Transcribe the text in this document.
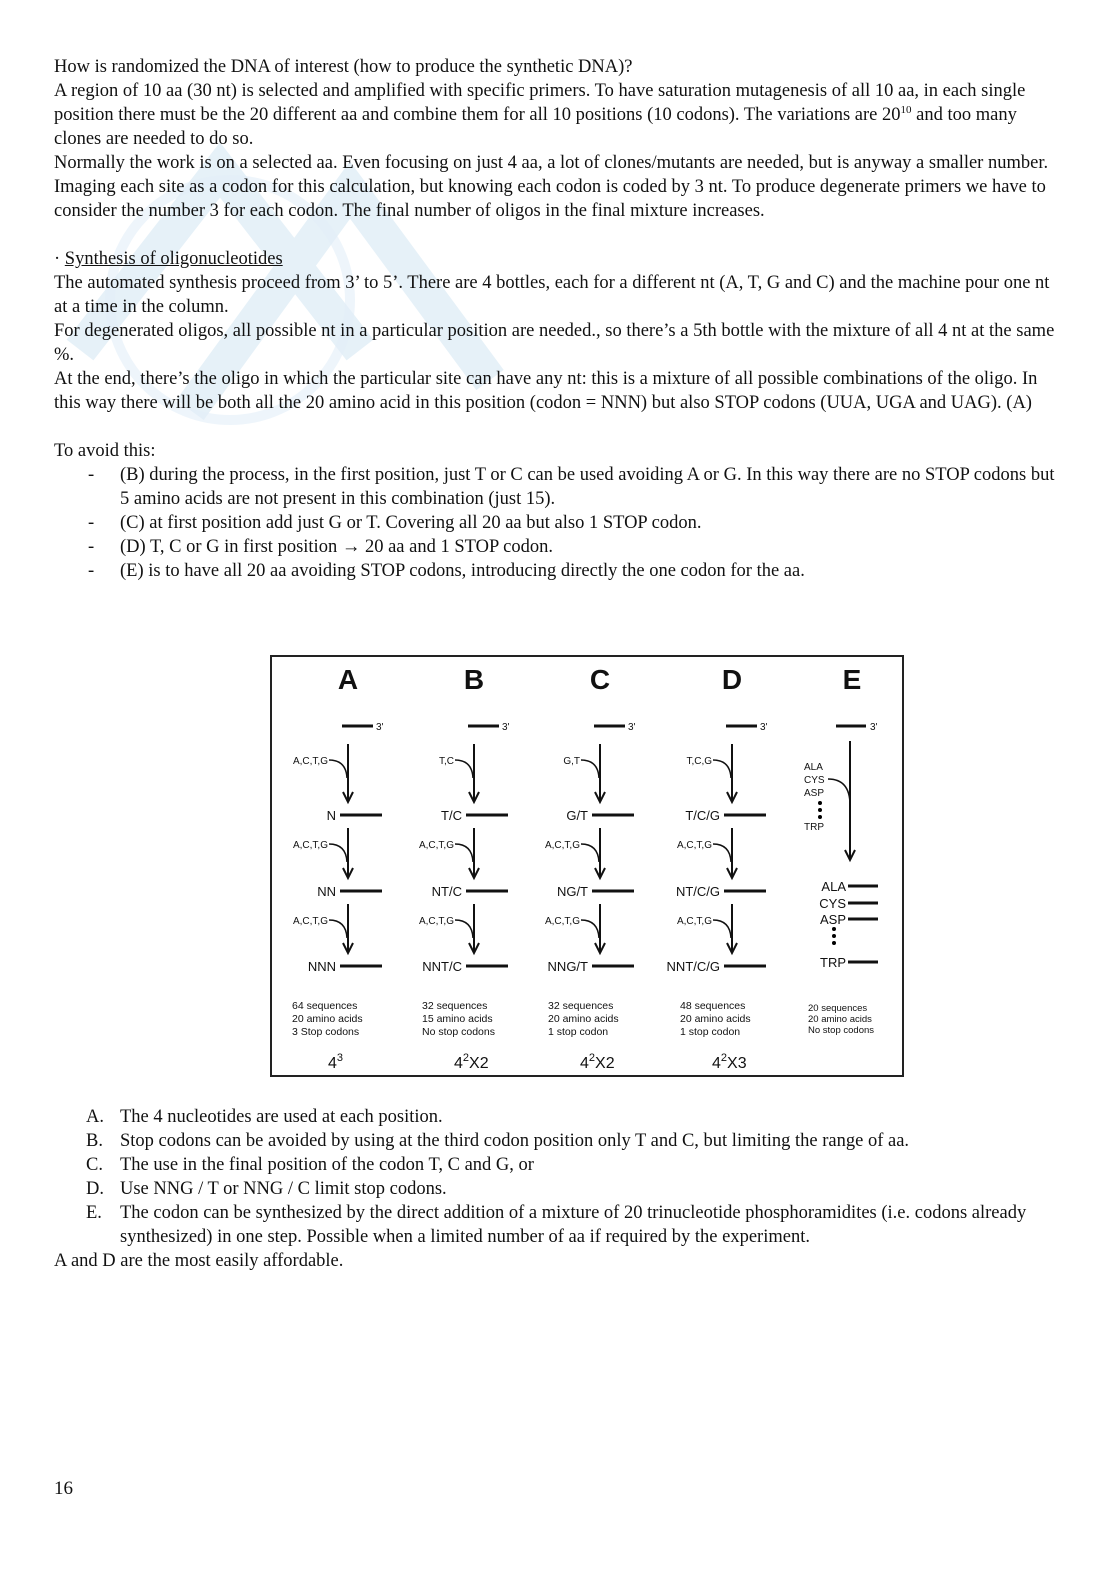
How is randomized the DNA of interest (how to produce the synthetic DNA)?

A region of 10 aa (30 nt) is selected and amplified with specific primers. To have saturation mutagenesis of all 10 aa, in each single position there must be the 20 different aa and combine them for all 10 positions (10 codons). The variations are $20^{10}$ and too many clones are needed to do so.

Normally the work is on a selected aa. Even focusing on just 4 aa, a lot of clones/mutants are needed, but is anyway a smaller number. Imaging each site as a codon for this calculation, but knowing each codon is coded by 3 nt. To produce degenerate primers we have to consider the number 3 for each codon. The final number of oligos in the final mixture increases.

· Synthesis of oligonucleotides

The automated synthesis proceed from 3’ to 5’. There are 4 bottles, each for a different nt (A, T, G and C) and the machine pour one nt at a time in the column.

For degenerated oligos, all possible nt in a particular position are needed., so there’s a 5th bottle with the mixture of all 4 nt at the same %.

At the end, there’s the oligo in which the particular site can have any nt: this is a mixture of all possible combinations of the oligo. In this way there will be both all the 20 amino acid in this position (codon = NNN) but also STOP codons (UUA, UGA and UAG). (A)

To avoid this:

- (B) during the process, in the first position, just T or C can be used avoiding A or G. In this way there are no STOP codons but 5 amino acids are not present in this combination (just 15).
- (C) at first position add just G or T. Covering all 20 aa but also 1 STOP codon.
- (D) T, C or G in first position → 20 aa and 1 STOP codon.
- (E) is to have all 20 aa avoiding STOP codons, introducing directly the one codon for the aa.
A
3'
A,C,T,G
N
A,C,T,G
NN
A,C,T,G
NNN
64 sequences
20 amino acids
3 Stop codons
$4^3$
B
3'
T,C
T/C
A,C,T,G
NT/C
A,C,T,G
NNT/C
32 sequences
15 amino acids
No stop codons
$4^2X2$
C
3'
G,T
G/T
A,C,T,G
NG/T
A,C,T,G
NNG/T
32 sequences
20 amino acids
1 stop codon
$4^2X2$
D
3'
T,C,G
T/C/G
A,C,T,G
NT/C/G
A,C,T,G
NNT/C/G
48 sequences
20 amino acids
1 stop codon
$4^2X3$
E
3'
ALA
CYS
ASP
TRP
ALA
CYS
ASP
TRP
20 sequences
20 amino acids
No stop codons
A. The 4 nucleotides are used at each position.
B. Stop codons can be avoided by using at the third codon position only T and C, but limiting the range of aa.
C. The use in the final position of the codon T, C and G, or
D. Use NNG / T or NNG / C limit stop codons.
E. The codon can be synthesized by the direct addition of a mixture of 20 trinucleotide phosphoramidites (i.e. codons already synthesized) in one step. Possible when a limited number of aa if required by the experiment.

A and D are the most easily affordable.

16
